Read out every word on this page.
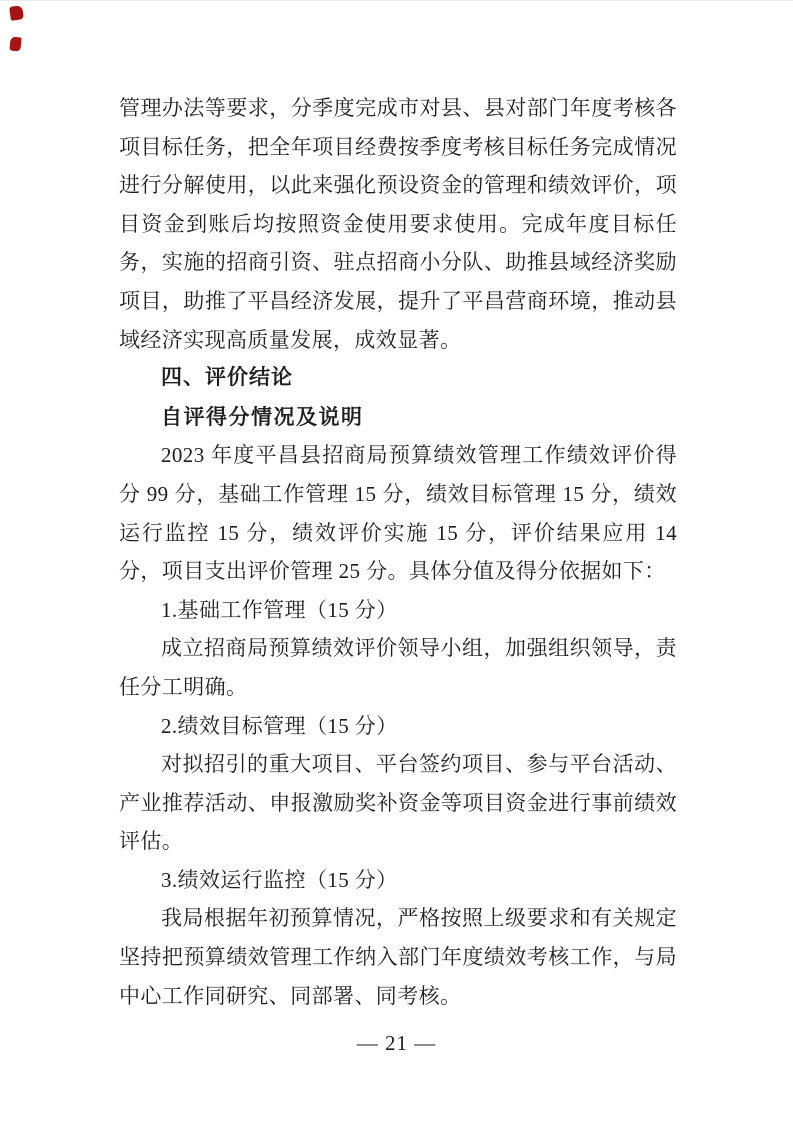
管理办法等要求，分季度完成市对县、县对部门年度考核各项目标任务，把全年项目经费按季度考核目标任务完成情况进行分解使用，以此来强化预设资金的管理和绩效评价，项目资金到账后均按照资金使用要求使用。完成年度目标任务，实施的招商引资、驻点招商小分队、助推县域经济奖励项目，助推了平昌经济发展，提升了平昌营商环境，推动县域经济实现高质量发展，成效显著。

四、评价结论

自评得分情况及说明

2023 年度平昌县招商局预算绩效管理工作绩效评价得分 99 分，基础工作管理 15 分，绩效目标管理 15 分，绩效运行监控 15 分，绩效评价实施 15 分，评价结果应用 14 分，项目支出评价管理 25 分。具体分值及得分依据如下：

1.基础工作管理（15 分）

成立招商局预算绩效评价领导小组，加强组织领导，责任分工明确。

2.绩效目标管理（15 分）

对拟招引的重大项目、平台签约项目、参与平台活动、产业推荐活动、申报激励奖补资金等项目资金进行事前绩效评估。

3.绩效运行监控（15 分）

我局根据年初预算情况，严格按照上级要求和有关规定坚持把预算绩效管理工作纳入部门年度绩效考核工作，与局中心工作同研究、同部署、同考核。

— 21 —
